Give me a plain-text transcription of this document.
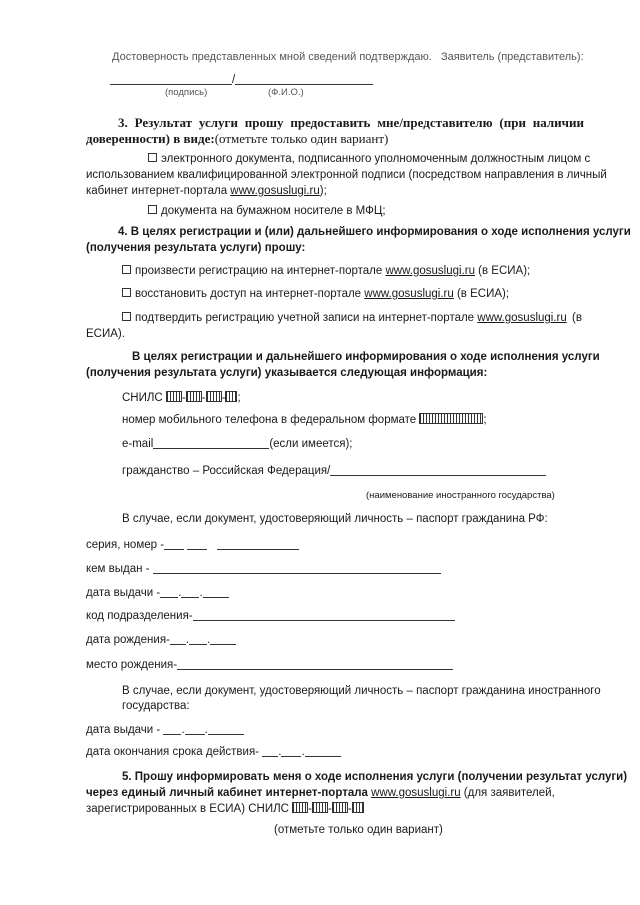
Достоверность представленных мной сведений подтверждаю. Заявитель (представитель):
/
(подпись)	(Ф.И.О.)
3. Результат услуги прошу предоставить мне/представителю (при наличии
доверенности) в виде:(отметьте только один вариант)
электронного документа, подписанного уполномоченным должностным лицом с
использованием квалифицированной электронной подписи (посредством направления в личный
кабинет интернет-портала www.gosuslugi.ru);
документа на бумажном носителе в МФЦ;
4. В целях регистрации и (или) дальнейшего информирования о ходе исполнения услуги
(получения результата услуги) прошу:
произвести регистрацию на интернет-портале www.gosuslugi.ru (в ЕСИА);
восстановить доступ на интернет-портале www.gosuslugi.ru (в ЕСИА);
подтвердить регистрацию учетной записи на интернет-портале www.gosuslugi.ru (в
ЕСИА).
В целях регистрации и дальнейшего информирования о ходе исполнения услуги
(получения результата услуги) указывается следующая информация:
СНИЛС - - - ;
номер мобильного телефона в федеральном формате	;
e-mail	(если имеется);
гражданство – Российская Федерация/
(наименование иностранного государства)
В случае, если документ, удостоверяющий личность – паспорт гражданина РФ:
серия, номер -
кем выдан -
дата выдачи - . .
код подразделения-
дата рождения- . .
место рождения-
В случае, если документ, удостоверяющий личность – паспорт гражданина иностранного
государства:
дата выдачи - . .
дата окончания срока действия- . .
5. Прошу информировать меня о ходе исполнения услуги (получении результат услуги)
через единый личный кабинет интернет-портала www.gosuslugi.ru (для заявителей,
зарегистрированных в ЕСИА) СНИЛС - - -
(отметьте только один вариант)
